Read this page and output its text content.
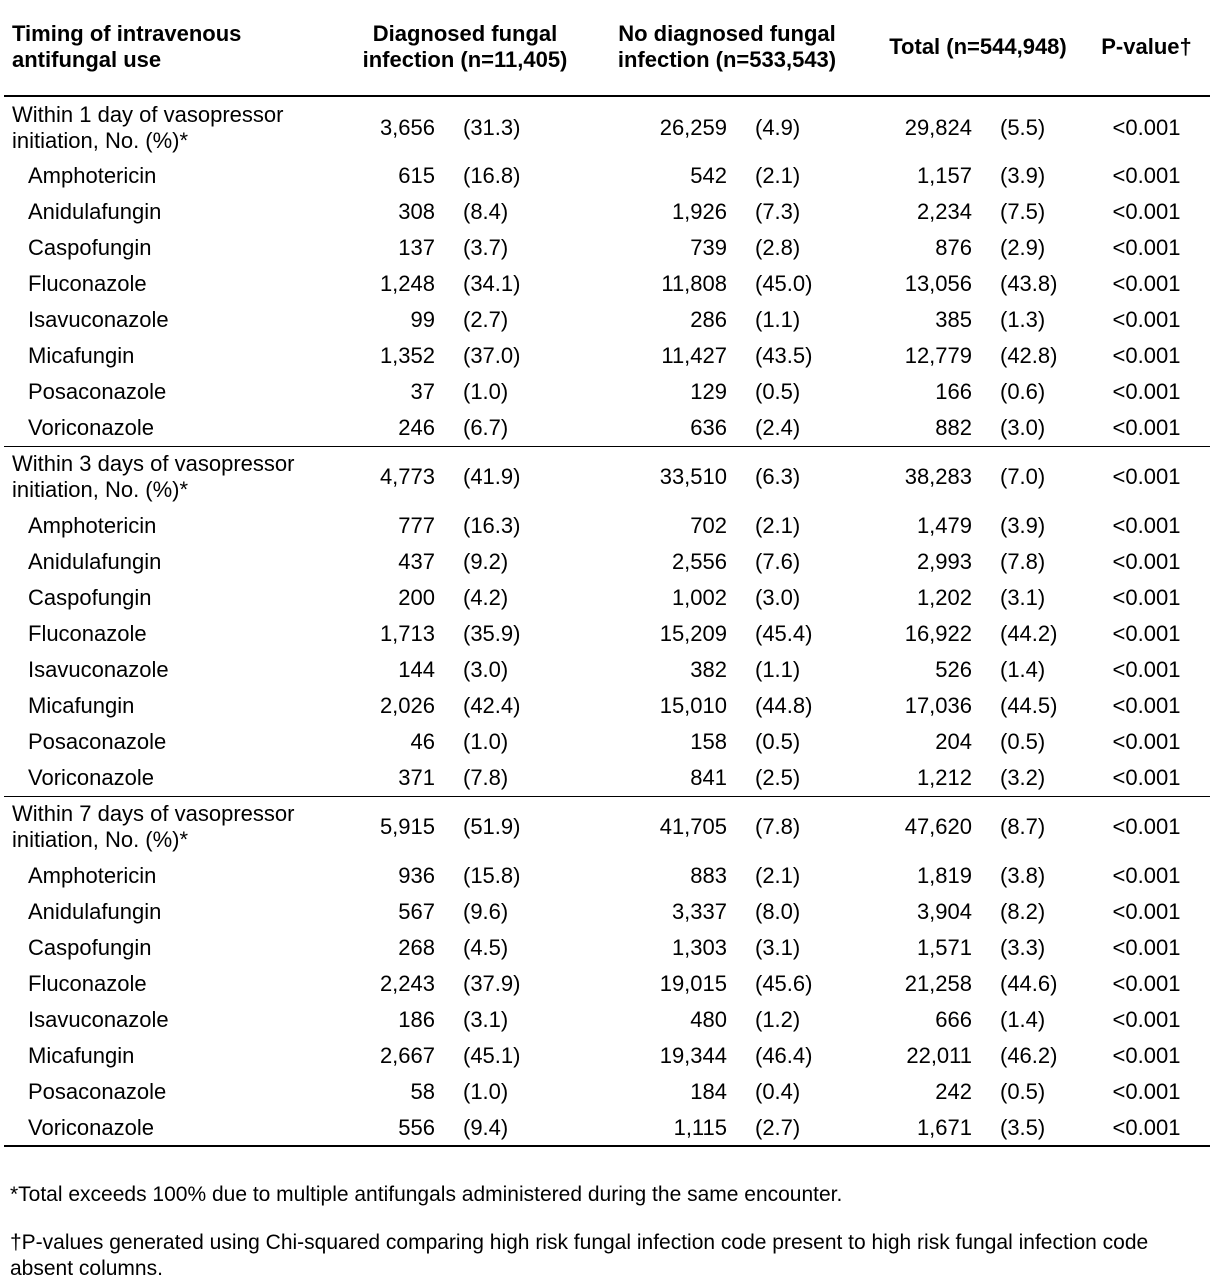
Timing of intravenous antifungal use	Diagnosed fungal infection (n=11,405)		No diagnosed fungal infection (n=533,543)		Total (n=544,948)		P-value†
Within 1 day of vasopressor initiation, No. (%)*	3,656	(31.3)	26,259	(4.9)	29,824	(5.5)	<0.001
Amphotericin	615	(16.8)	542	(2.1)	1,157	(3.9)	<0.001
Anidulafungin	308	(8.4)	1,926	(7.3)	2,234	(7.5)	<0.001
Caspofungin	137	(3.7)	739	(2.8)	876	(2.9)	<0.001
Fluconazole	1,248	(34.1)	11,808	(45.0)	13,056	(43.8)	<0.001
Isavuconazole	99	(2.7)	286	(1.1)	385	(1.3)	<0.001
Micafungin	1,352	(37.0)	11,427	(43.5)	12,779	(42.8)	<0.001
Posaconazole	37	(1.0)	129	(0.5)	166	(0.6)	<0.001
Voriconazole	246	(6.7)	636	(2.4)	882	(3.0)	<0.001
Within 3 days of vasopressor initiation, No. (%)*	4,773	(41.9)	33,510	(6.3)	38,283	(7.0)	<0.001
Amphotericin	777	(16.3)	702	(2.1)	1,479	(3.9)	<0.001
Anidulafungin	437	(9.2)	2,556	(7.6)	2,993	(7.8)	<0.001
Caspofungin	200	(4.2)	1,002	(3.0)	1,202	(3.1)	<0.001
Fluconazole	1,713	(35.9)	15,209	(45.4)	16,922	(44.2)	<0.001
Isavuconazole	144	(3.0)	382	(1.1)	526	(1.4)	<0.001
Micafungin	2,026	(42.4)	15,010	(44.8)	17,036	(44.5)	<0.001
Posaconazole	46	(1.0)	158	(0.5)	204	(0.5)	<0.001
Voriconazole	371	(7.8)	841	(2.5)	1,212	(3.2)	<0.001
Within 7 days of vasopressor initiation, No. (%)*	5,915	(51.9)	41,705	(7.8)	47,620	(8.7)	<0.001
Amphotericin	936	(15.8)	883	(2.1)	1,819	(3.8)	<0.001
Anidulafungin	567	(9.6)	3,337	(8.0)	3,904	(8.2)	<0.001
Caspofungin	268	(4.5)	1,303	(3.1)	1,571	(3.3)	<0.001
Fluconazole	2,243	(37.9)	19,015	(45.6)	21,258	(44.6)	<0.001
Isavuconazole	186	(3.1)	480	(1.2)	666	(1.4)	<0.001
Micafungin	2,667	(45.1)	19,344	(46.4)	22,011	(46.2)	<0.001
Posaconazole	58	(1.0)	184	(0.4)	242	(0.5)	<0.001
Voriconazole	556	(9.4)	1,115	(2.7)	1,671	(3.5)	<0.001

*Total exceeds 100% due to multiple antifungals administered during the same encounter.

†P-values generated using Chi-squared comparing high risk fungal infection code present to high risk fungal infection code absent columns.
